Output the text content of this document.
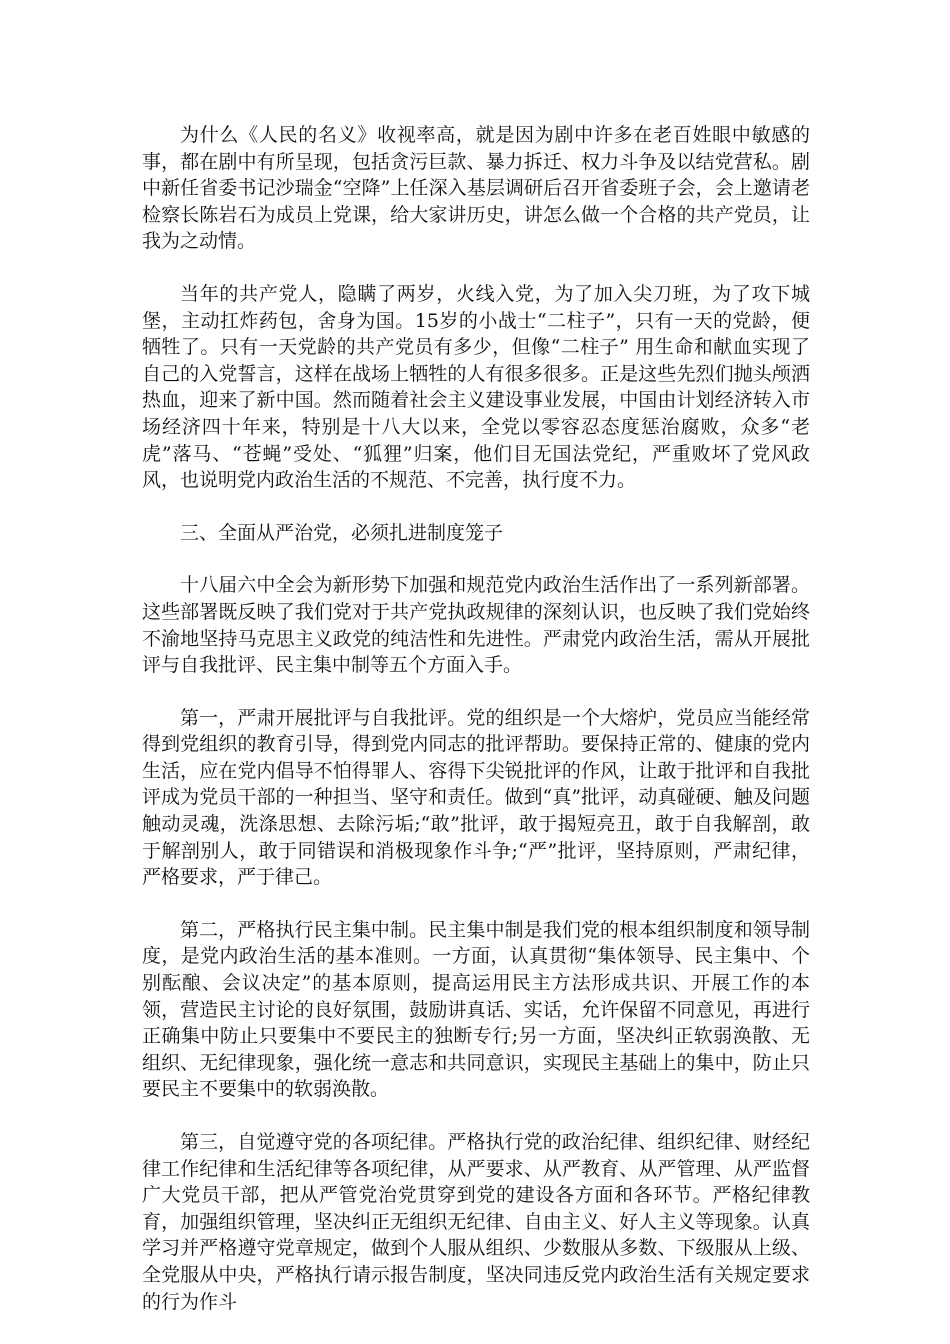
为什么《人民的名义》收视率高，就是因为剧中许多在老百姓眼中敏感的事，都在剧中有所呈现，包括贪污巨款、暴力拆迁、权力斗争及以结党营私。剧中新任省委书记沙瑞金“空降”上任深入基层调研后召开省委班子会，会上邀请老检察长陈岩石为成员上党课，给大家讲历史，讲怎么做一个合格的共产党员，让我为之动情。

当年的共产党人，隐瞒了两岁，火线入党，为了加入尖刀班，为了攻下城堡，主动扛炸药包，舍身为国。15岁的小战士“二柱子”，只有一天的党龄，便牺牲了。只有一天党龄的共产党员有多少，但像“二柱子” 用生命和献血实现了自己的入党誓言，这样在战场上牺牲的人有很多很多。正是这些先烈们抛头颅洒热血，迎来了新中国。然而随着社会主义建设事业发展，中国由计划经济转入市场经济四十年来，特别是十八大以来，全党以零容忍态度惩治腐败，众多“老虎”落马、“苍蝇”受处、“狐狸”归案，他们目无国法党纪，严重败坏了党风政风，也说明党内政治生活的不规范、不完善，执行度不力。

三、全面从严治党，必须扎进制度笼子

十八届六中全会为新形势下加强和规范党内政治生活作出了一系列新部署。这些部署既反映了我们党对于共产党执政规律的深刻认识，也反映了我们党始终不渝地坚持马克思主义政党的纯洁性和先进性。严肃党内政治生活，需从开展批评与自我批评、民主集中制等五个方面入手。

第一，严肃开展批评与自我批评。党的组织是一个大熔炉，党员应当能经常得到党组织的教育引导，得到党内同志的批评帮助。要保持正常的、健康的党内生活，应在党内倡导不怕得罪人、容得下尖锐批评的作风，让敢于批评和自我批评成为党员干部的一种担当、坚守和责任。做到“真”批评，动真碰硬、触及问题触动灵魂，洗涤思想、去除污垢;“敢”批评，敢于揭短亮丑，敢于自我解剖，敢于解剖别人，敢于同错误和消极现象作斗争;“严”批评，坚持原则，严肃纪律，严格要求，严于律己。

第二，严格执行民主集中制。民主集中制是我们党的根本组织制度和领导制度，是党内政治生活的基本准则。一方面，认真贯彻“集体领导、民主集中、个别酝酿、会议决定”的基本原则，提高运用民主方法形成共识、开展工作的本领，营造民主讨论的良好氛围，鼓励讲真话、实话，允许保留不同意见，再进行正确集中防止只要集中不要民主的独断专行;另一方面，坚决纠正软弱涣散、无组织、无纪律现象，强化统一意志和共同意识，实现民主基础上的集中，防止只要民主不要集中的软弱涣散。

第三，自觉遵守党的各项纪律。严格执行党的政治纪律、组织纪律、财经纪律工作纪律和生活纪律等各项纪律，从严要求、从严教育、从严管理、从严监督广大党员干部，把从严管党治党贯穿到党的建设各方面和各环节。严格纪律教育，加强组织管理，坚决纠正无组织无纪律、自由主义、好人主义等现象。认真学习并严格遵守党章规定，做到个人服从组织、少数服从多数、下级服从上级、全党服从中央，严格执行请示报告制度，坚决同违反党内政治生活有关规定要求的行为作斗
